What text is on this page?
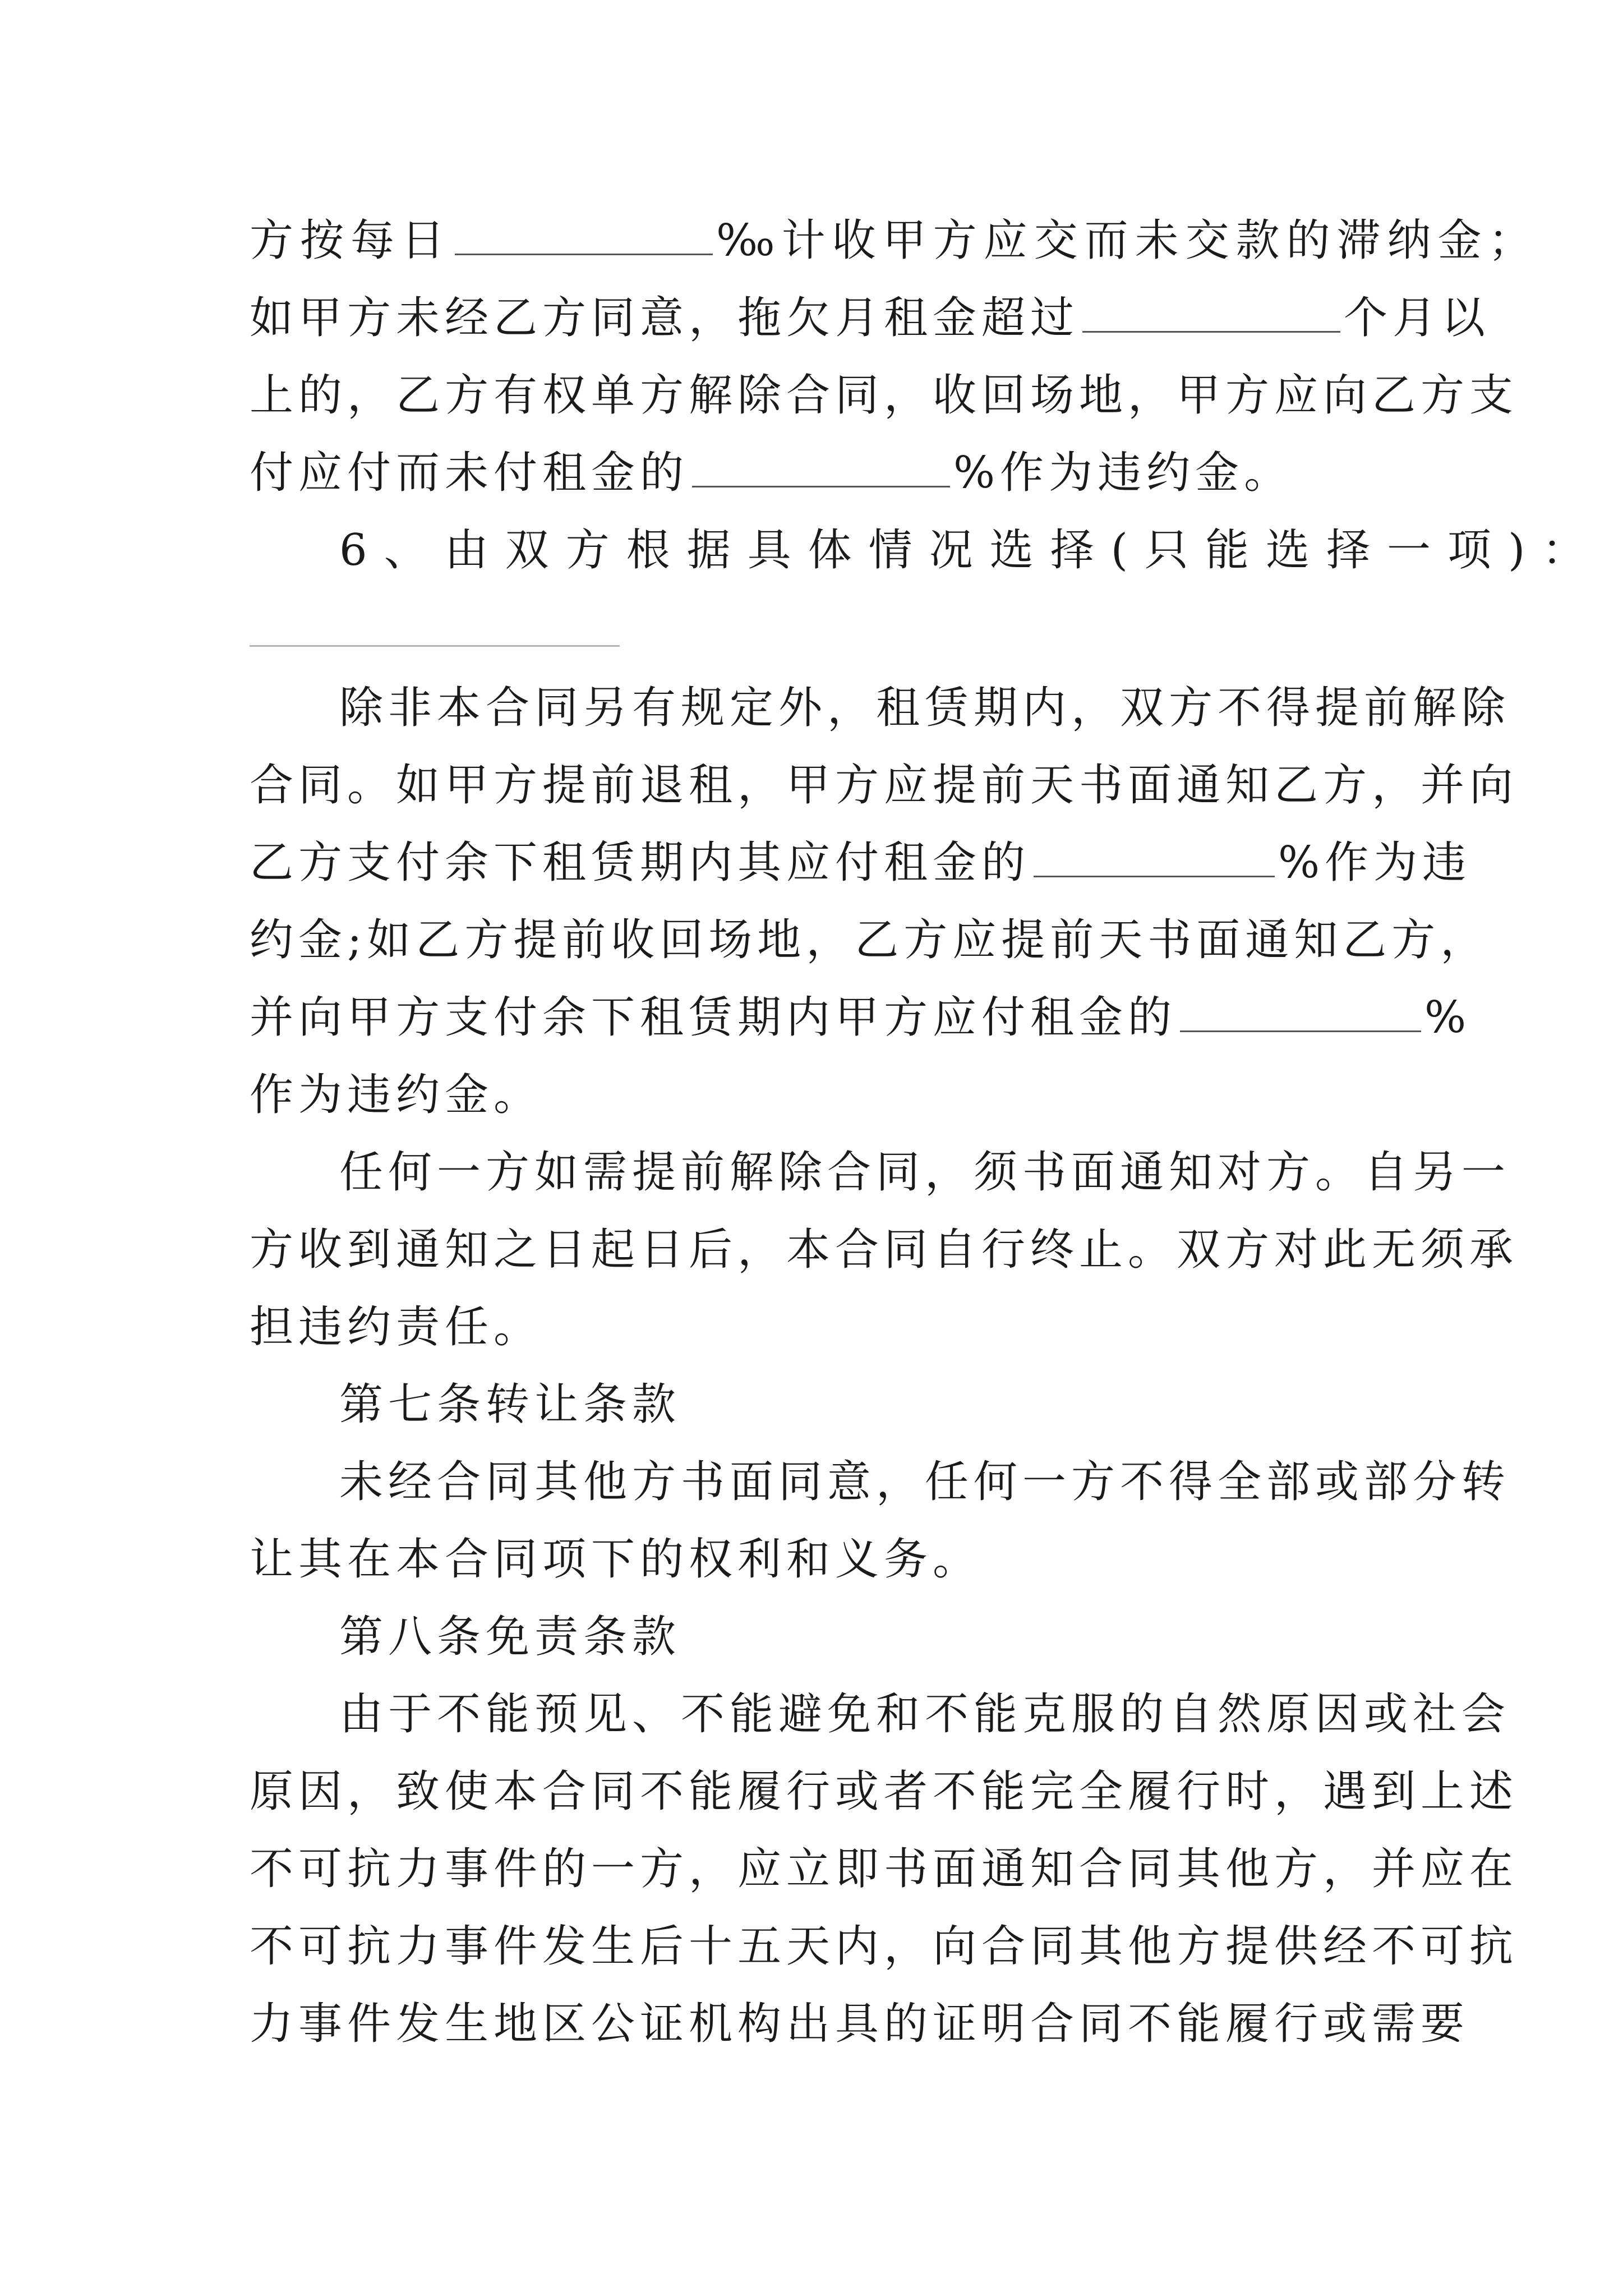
方按每日	‰计收甲方应交而未交款的滞纳金；
如甲方未经乙方同意，拖欠月租金超过	个月以
上的，乙方有权单方解除合同，收回场地，甲方应向乙方支
付应付而未付租金的	%作为违约金。
6、由双方根据具体情况选择(只能选择一项)：
除非本合同另有规定外，租赁期内，双方不得提前解除
合同。如甲方提前退租，甲方应提前天书面通知乙方，并向
乙方支付余下租赁期内其应付租金的	%作为违
约金;如乙方提前收回场地，乙方应提前天书面通知乙方，
并向甲方支付余下租赁期内甲方应付租金的	%
作为违约金。
任何一方如需提前解除合同，须书面通知对方。自另一
方收到通知之日起日后，本合同自行终止。双方对此无须承
担违约责任。
第七条转让条款
未经合同其他方书面同意，任何一方不得全部或部分转
让其在本合同项下的权利和义务。
第八条免责条款
由于不能预见、不能避免和不能克服的自然原因或社会
原因，致使本合同不能履行或者不能完全履行时，遇到上述
不可抗力事件的一方，应立即书面通知合同其他方，并应在
不可抗力事件发生后十五天内，向合同其他方提供经不可抗
力事件发生地区公证机构出具的证明合同不能履行或需要
